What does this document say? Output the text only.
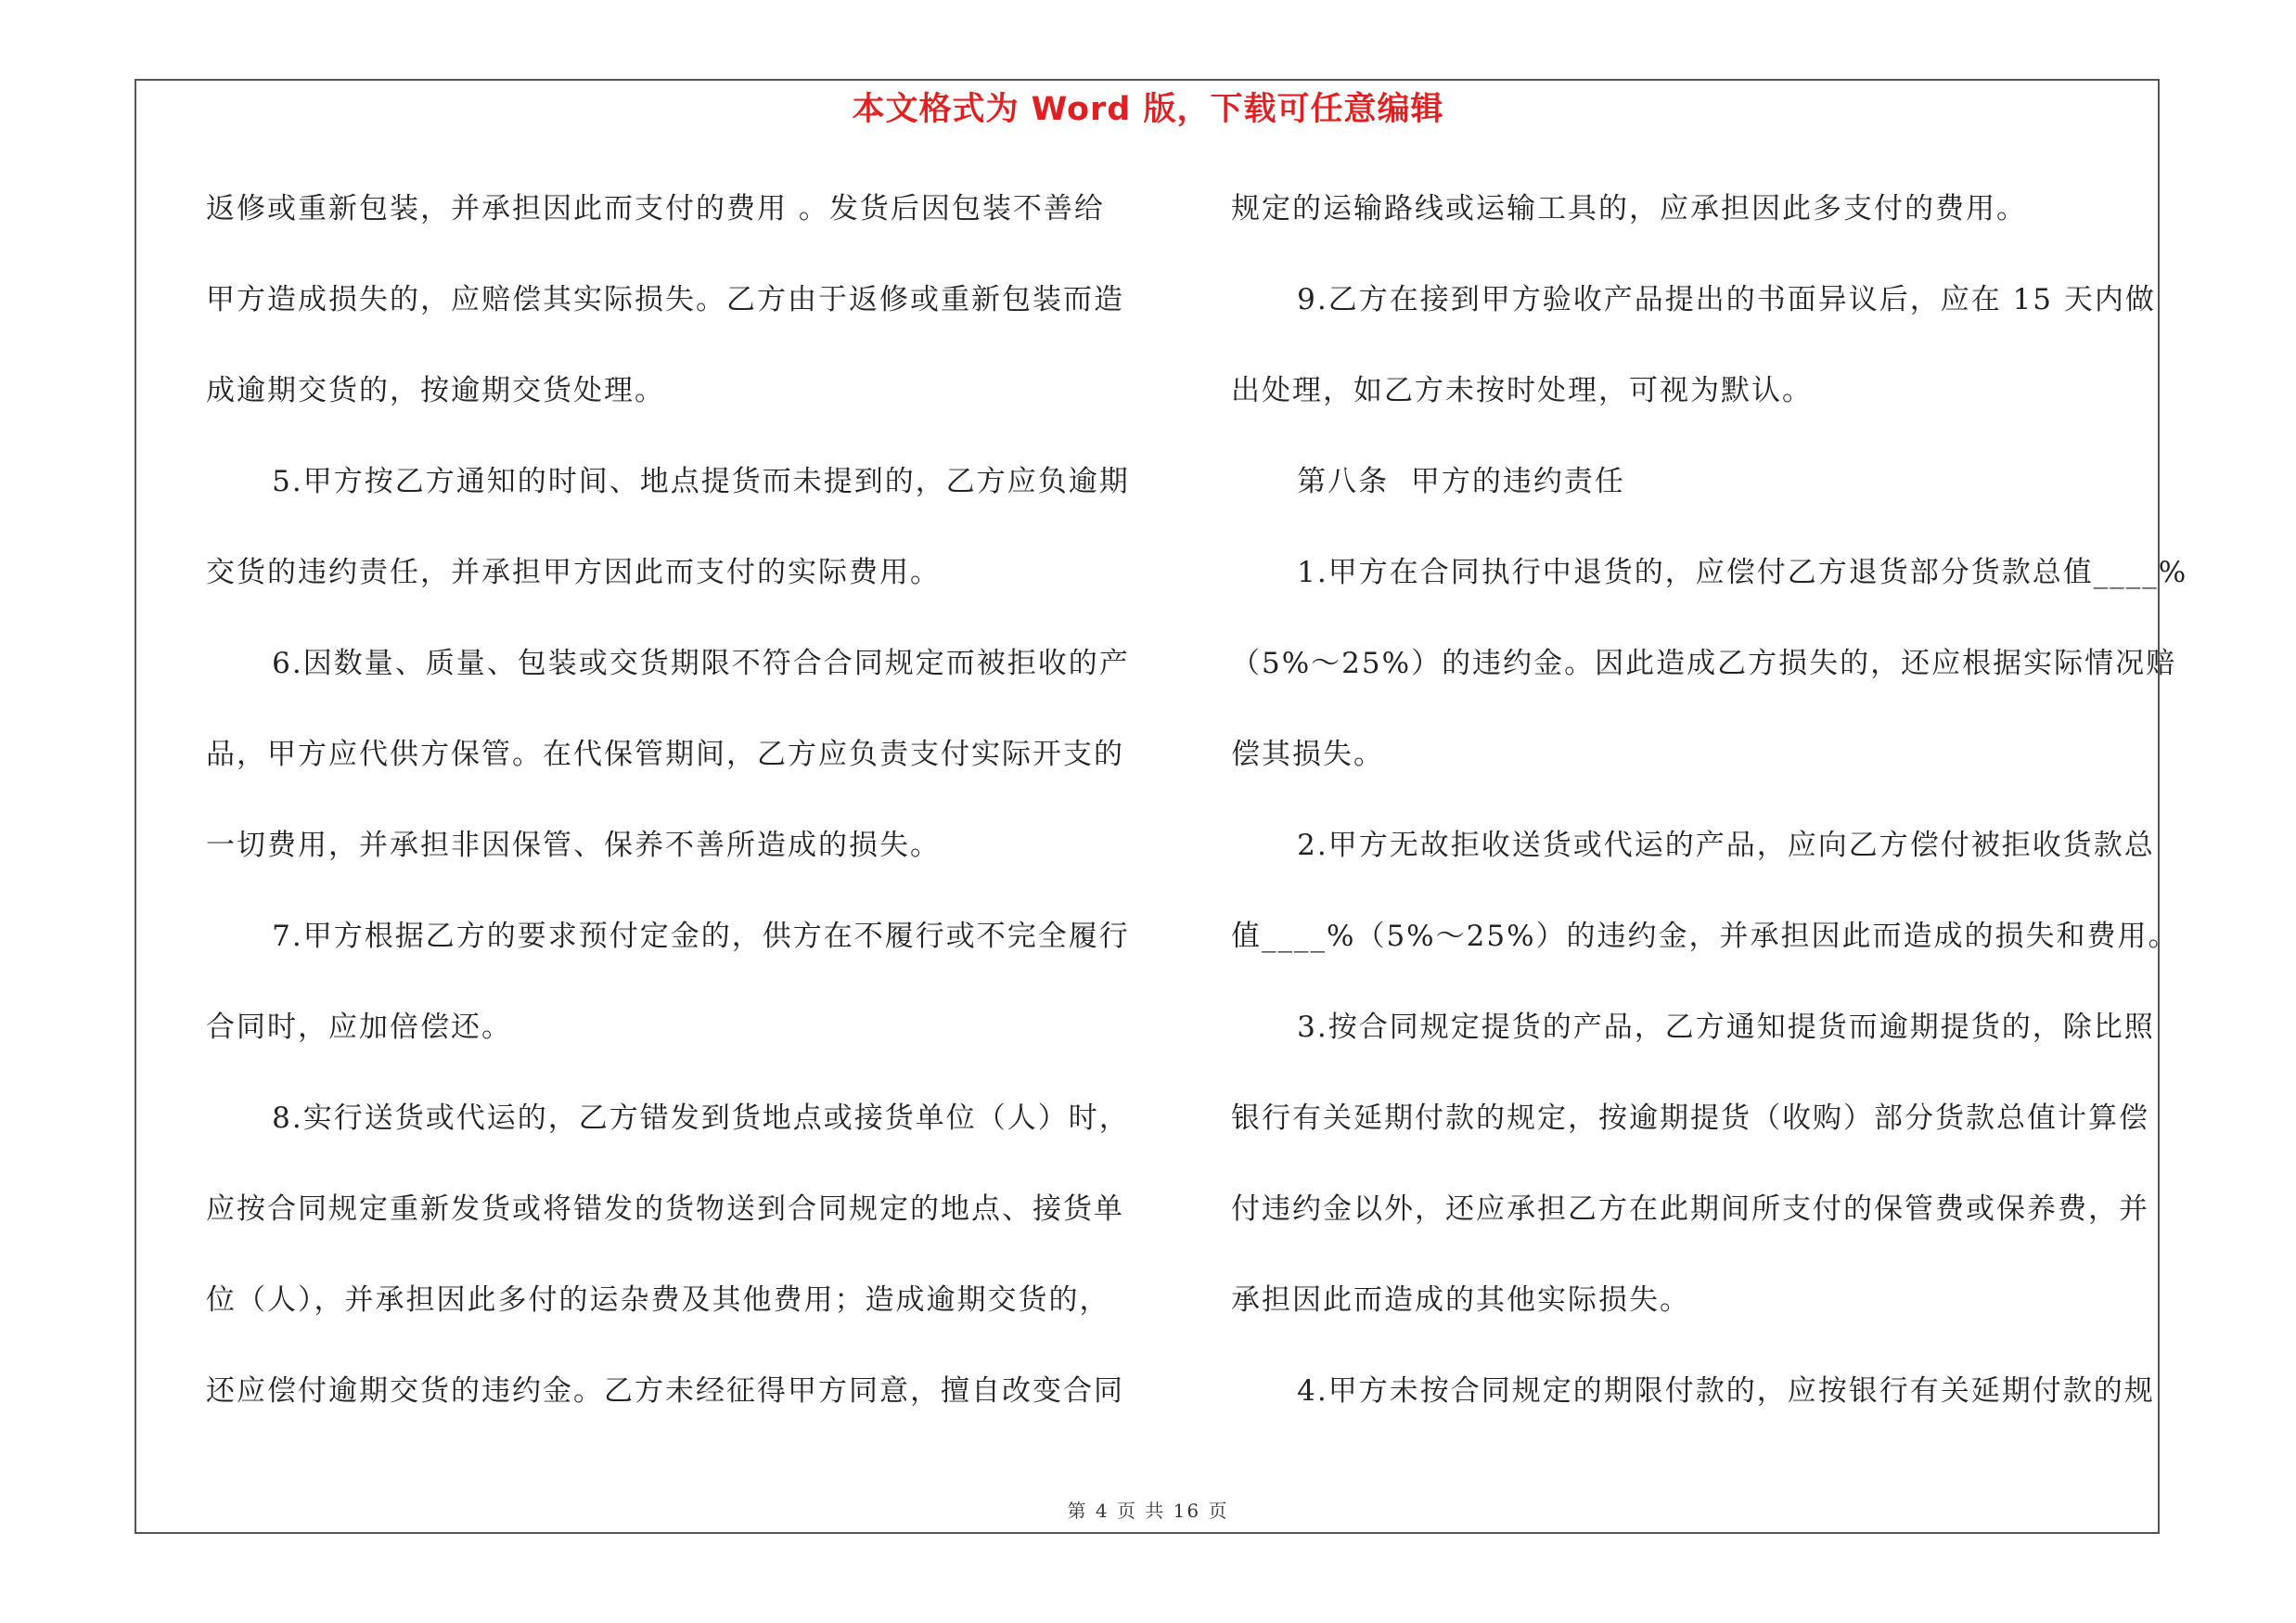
本文格式为 Word 版，下载可任意编辑
返修或重新包装，并承担因此而支付的费用 。发货后因包装不善给
甲方造成损失的，应赔偿其实际损失。乙方由于返修或重新包装而造
成逾期交货的，按逾期交货处理。
5.甲方按乙方通知的时间、地点提货而未提到的，乙方应负逾期
交货的违约责任，并承担甲方因此而支付的实际费用。
6.因数量、质量、包装或交货期限不符合合同规定而被拒收的产
品，甲方应代供方保管。在代保管期间，乙方应负责支付实际开支的
一切费用，并承担非因保管、保养不善所造成的损失。
7.甲方根据乙方的要求预付定金的，供方在不履行或不完全履行
合同时，应加倍偿还。
8.实行送货或代运的，乙方错发到货地点或接货单位（人）时，
应按合同规定重新发货或将错发的货物送到合同规定的地点、接货单
位（人），并承担因此多付的运杂费及其他费用；造成逾期交货的，
还应偿付逾期交货的违约金。乙方未经征得甲方同意，擅自改变合同
规定的运输路线或运输工具的，应承担因此多支付的费用。
9.乙方在接到甲方验收产品提出的书面异议后，应在 15 天内做
出处理，如乙方未按时处理，可视为默认。
第八条  甲方的违约责任
1.甲方在合同执行中退货的，应偿付乙方退货部分货款总值____%
（5%～25%）的违约金。因此造成乙方损失的，还应根据实际情况赔
偿其损失。
2.甲方无故拒收送货或代运的产品，应向乙方偿付被拒收货款总
值____%（5%～25%）的违约金，并承担因此而造成的损失和费用。
3.按合同规定提货的产品，乙方通知提货而逾期提货的，除比照
银行有关延期付款的规定，按逾期提货（收购）部分货款总值计算偿
付违约金以外，还应承担乙方在此期间所支付的保管费或保养费，并
承担因此而造成的其他实际损失。
4.甲方未按合同规定的期限付款的，应按银行有关延期付款的规
第 4 页 共 16 页
